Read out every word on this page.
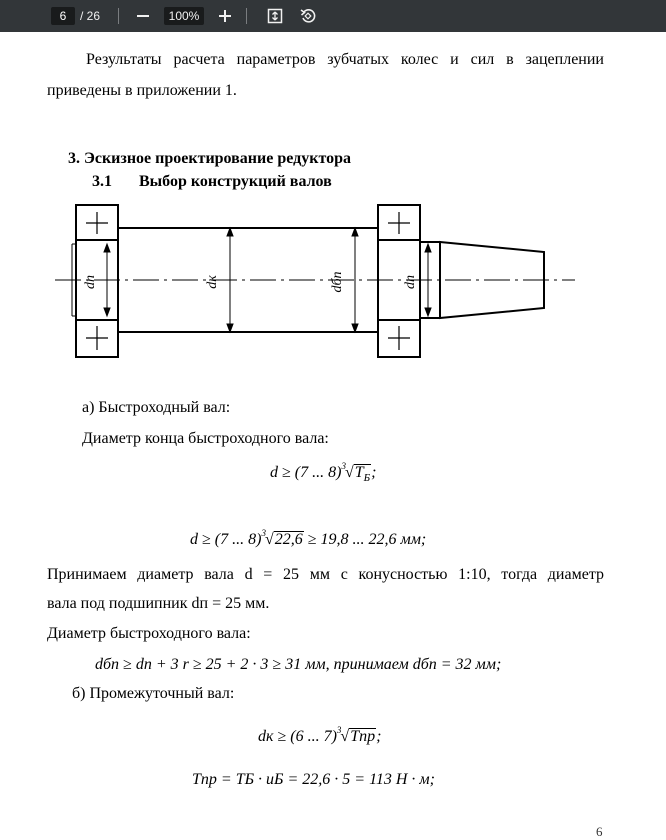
6	/ 26	100%
Результаты расчета параметров зубчатых колес и сил в зацеплении
приведены в приложении 1.
3. Эскизное проектирование редуктора
3.1 Выбор конструкций валов
dп	dк	dбп	dп
а) Быстроходный вал:
Диаметр конца быстроходного вала:
d ≥ (7 ... $8)^3√T_Б$;
d ≥ (7 ... 8)$^3$√22,6 ≥ 19,8 ... 22,6 мм;
Принимаем диаметр вала d = 25 мм с конусностью 1:10, тогда диаметр
вала под подшипник dп = 25 мм.
Диаметр быстроходного вала:
dбп ≥ dп + 3 r ≥ 25 + 2 · 3 ≥ 31 мм, принимаем dбп = 32 мм;
б) Промежуточный вал:
dк ≥ (6 ... 7)$^3$√Tпр;
Tпр = TБ · uБ = 22,6 · 5 = 113 Н · м;
6
